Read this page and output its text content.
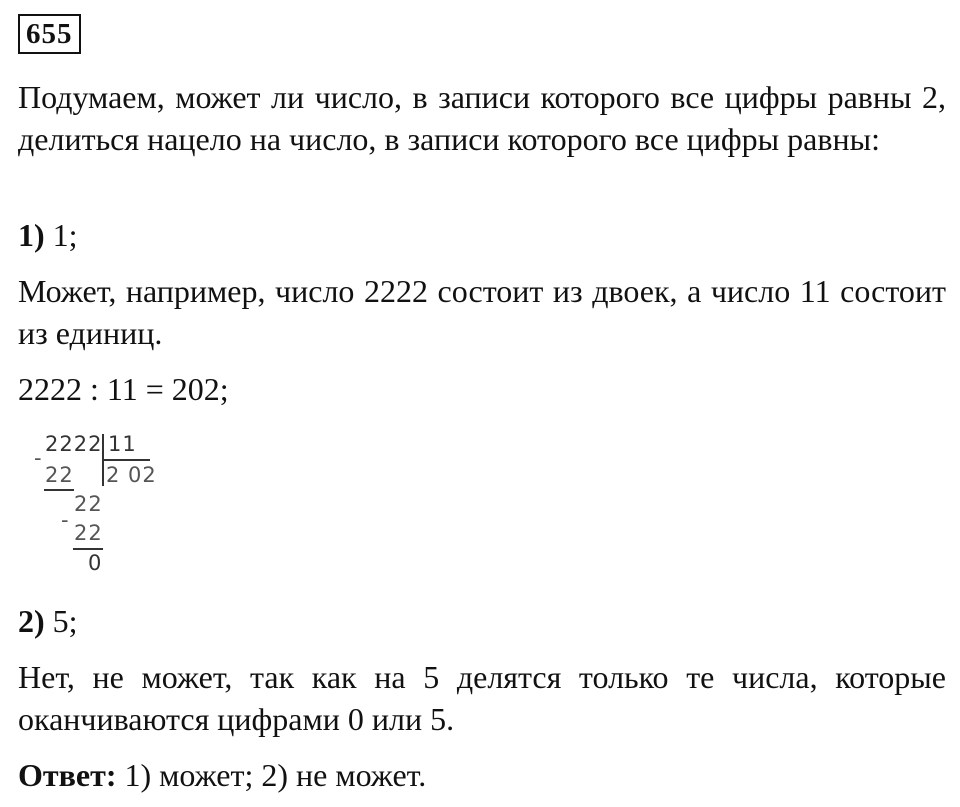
655

Подумаем, может ли число, в записи которого все цифры равны 2, делиться нацело на число, в записи которого все цифры равны:

1) 1;

Может, например, число 2222 состоит из двоек, а число 11 состоит из единиц.

2222 : 11 = 202;

2222 11
2 02
-
22
22
-
22
0

2) 5;

Нет, не может, так как на 5 делятся только те числа, которые оканчиваются цифрами 0 или 5.

Ответ: 1) может; 2) не может.
